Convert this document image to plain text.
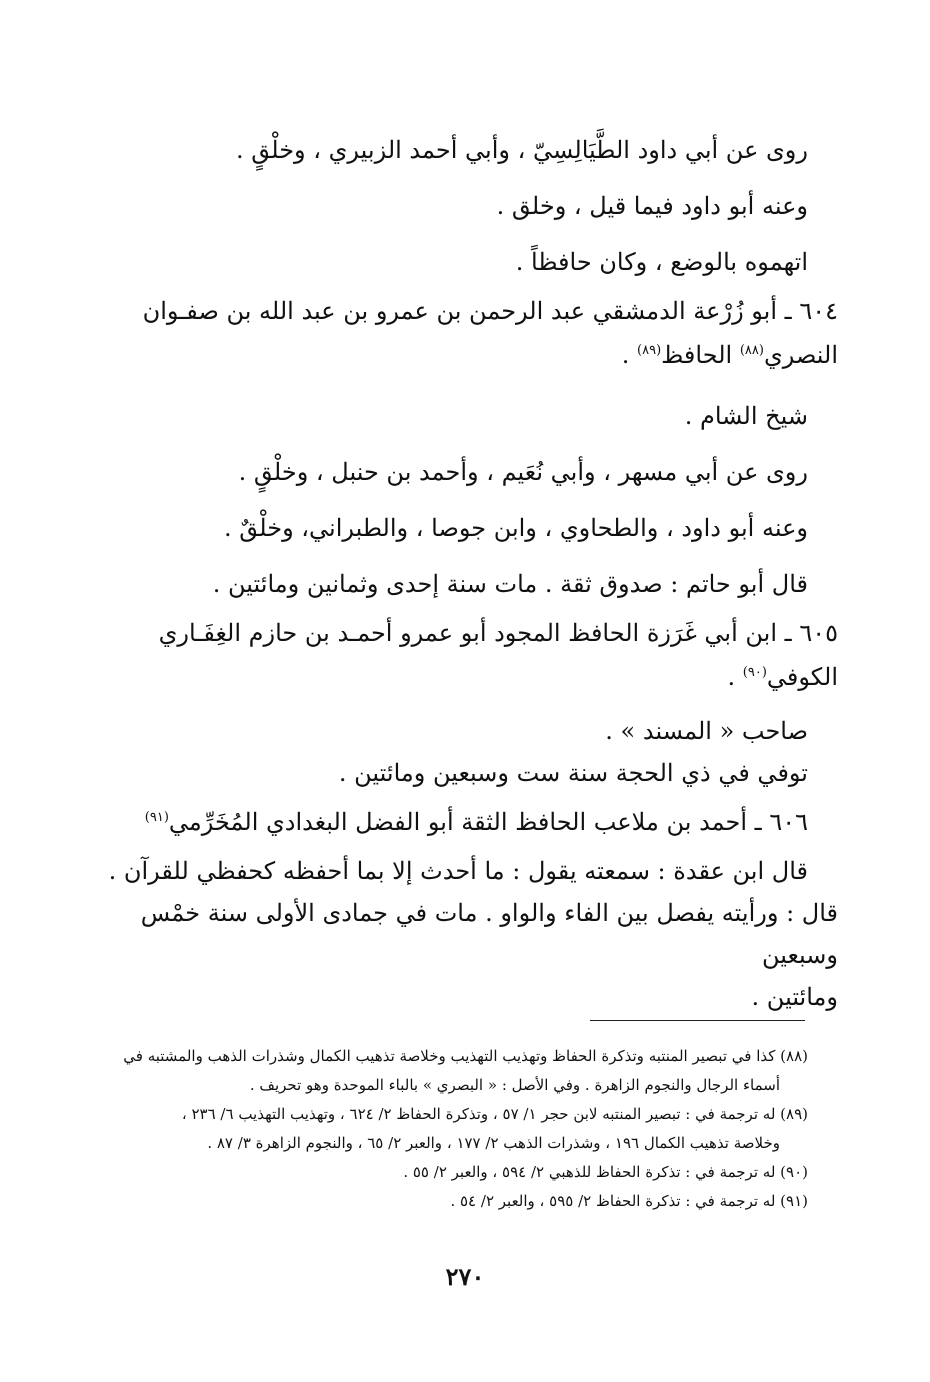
روى عن أبي داود الطَّيَالِسِيّ ، وأبي أحمد الزبيري ، وخلْقٍ .

وعنه أبو داود فيما قيل ، وخلق .

اتهموه بالوضع ، وكان حافظاً .

٦٠٤ ـ أبو زُرْعة الدمشقي عبد الرحمن بن عمرو بن عبد الله بن صفـوان

النصري$^{(٨٨)}$ الحافظ$^{(٨٩)}$ .

شيخ الشام .

روى عن أبي مسهر ، وأبي نُعَيم ، وأحمد بن حنبل ، وخلْقٍ .

وعنه أبو داود ، والطحاوي ، وابن جوصا ، والطبراني، وخلْقٌ .

قال أبو حاتم : صدوق ثقة . مات سنة إحدى وثمانين ومائتين .

٦٠٥ ـ ابن أبي غَرَزة الحافظ المجود أبو عمرو أحمـد بن حازم الغِفَـاري

الكوفي$^{(٩٠)}$ .

صاحب « المسند » .

توفي في ذي الحجة سنة ست وسبعين ومائتين .

٦٠٦ ـ أحمد بن ملاعب الحافظ الثقة أبو الفضل البغدادي المُخَرِّمي$^{(٩١)}$

قال ابن عقدة : سمعته يقول : ما أحدث إلا بما أحفظه كحفظي للقرآن .

قال : ورأيته يفصل بين الفاء والواو . مات في جمادى الأولى سنة خمْس وسبعين

ومائتين .

(٨٨) كذا في تبصير المنتبه وتذكرة الحفاظ وتهذيب التهذيب وخلاصة تذهيب الكمال وشذرات الذهب والمشتبه في

أسماء الرجال والنجوم الزاهرة . وفي الأصل : « البصري » بالباء الموحدة وهو تحريف .

(٨٩) له ترجمة في : تبصير المنتبه لابن حجر ١/ ٥٧ ، وتذكرة الحفاظ ٢/ ٦٢٤ ، وتهذيب التهذيب ٦/ ٢٣٦ ،

وخلاصة تذهيب الكمال ١٩٦ ، وشذرات الذهب ٢/ ١٧٧ ، والعبر ٢/ ٦٥ ، والنجوم الزاهرة ٣/ ٨٧ .

(٩٠) له ترجمة في : تذكرة الحفاظ للذهبي ٢/ ٥٩٤ ، والعبر ٢/ ٥٥ .

(٩١) له ترجمة في : تذكرة الحفاظ ٢/ ٥٩٥ ، والعبر ٢/ ٥٤ .

٢٧٠
